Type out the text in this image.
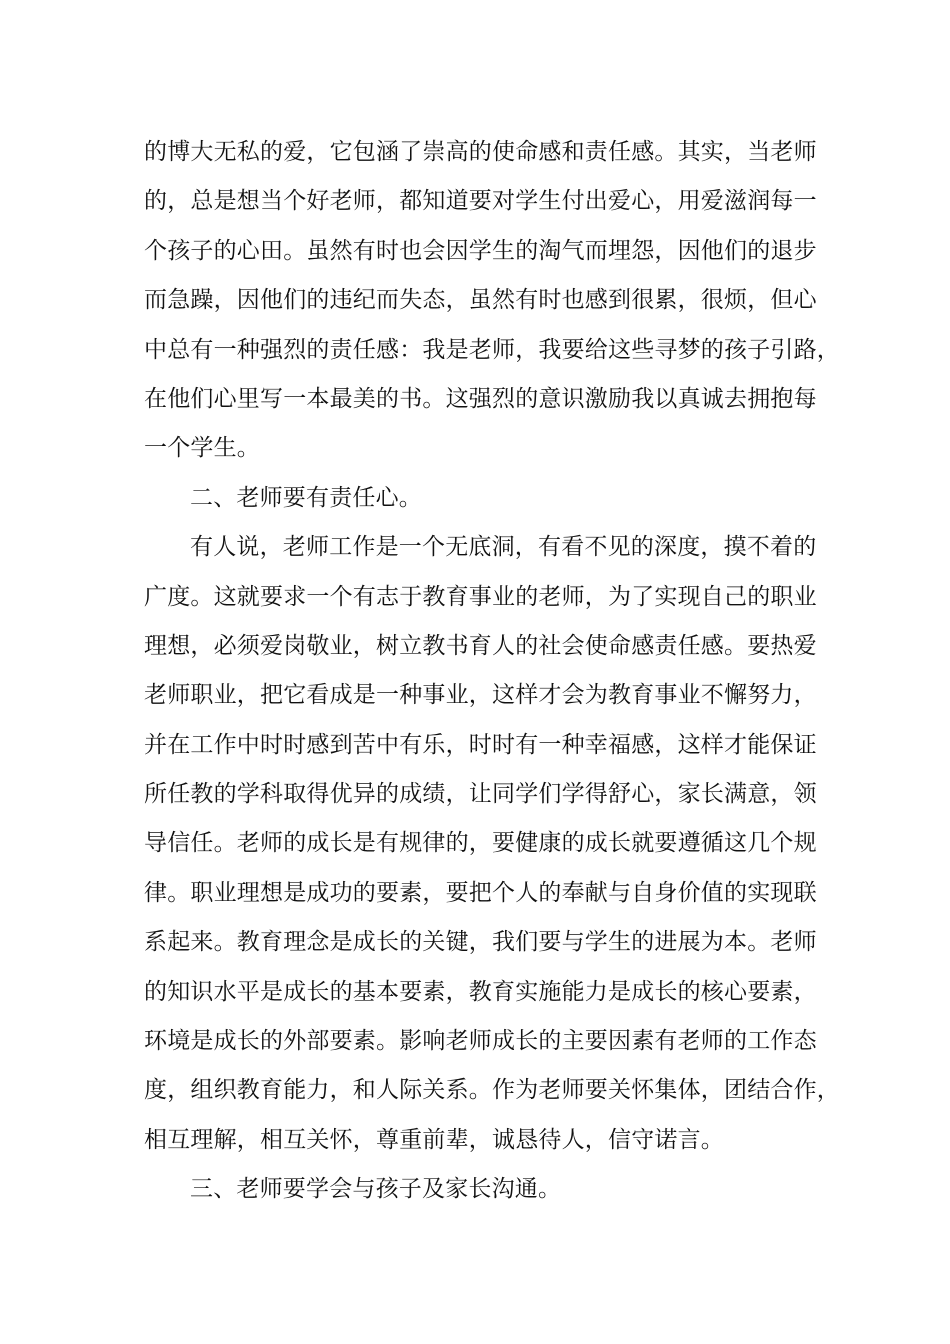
的博大无私的爱，它包涵了崇高的使命感和责任感。其实，当老师
的，总是想当个好老师，都知道要对学生付出爱心，用爱滋润每一
个孩子的心田。虽然有时也会因学生的淘气而埋怨，因他们的退步
而急躁，因他们的违纪而失态，虽然有时也感到很累，很烦，但心
中总有一种强烈的责任感：我是老师，我要给这些寻梦的孩子引路，
在他们心里写一本最美的书。这强烈的意识激励我以真诚去拥抱每
一个学生。
二、老师要有责任心。
有人说，老师工作是一个无底洞，有看不见的深度，摸不着的
广度。这就要求一个有志于教育事业的老师，为了实现自己的职业
理想，必须爱岗敬业，树立教书育人的社会使命感责任感。要热爱
老师职业，把它看成是一种事业，这样才会为教育事业不懈努力，
并在工作中时时感到苦中有乐，时时有一种幸福感，这样才能保证
所任教的学科取得优异的成绩，让同学们学得舒心，家长满意，领
导信任。老师的成长是有规律的，要健康的成长就要遵循这几个规
律。职业理想是成功的要素，要把个人的奉献与自身价值的实现联
系起来。教育理念是成长的关键，我们要与学生的进展为本。老师
的知识水平是成长的基本要素，教育实施能力是成长的核心要素，
环境是成长的外部要素。影响老师成长的主要因素有老师的工作态
度，组织教育能力，和人际关系。作为老师要关怀集体，团结合作，
相互理解，相互关怀，尊重前辈，诚恳待人，信守诺言。
三、老师要学会与孩子及家长沟通。
